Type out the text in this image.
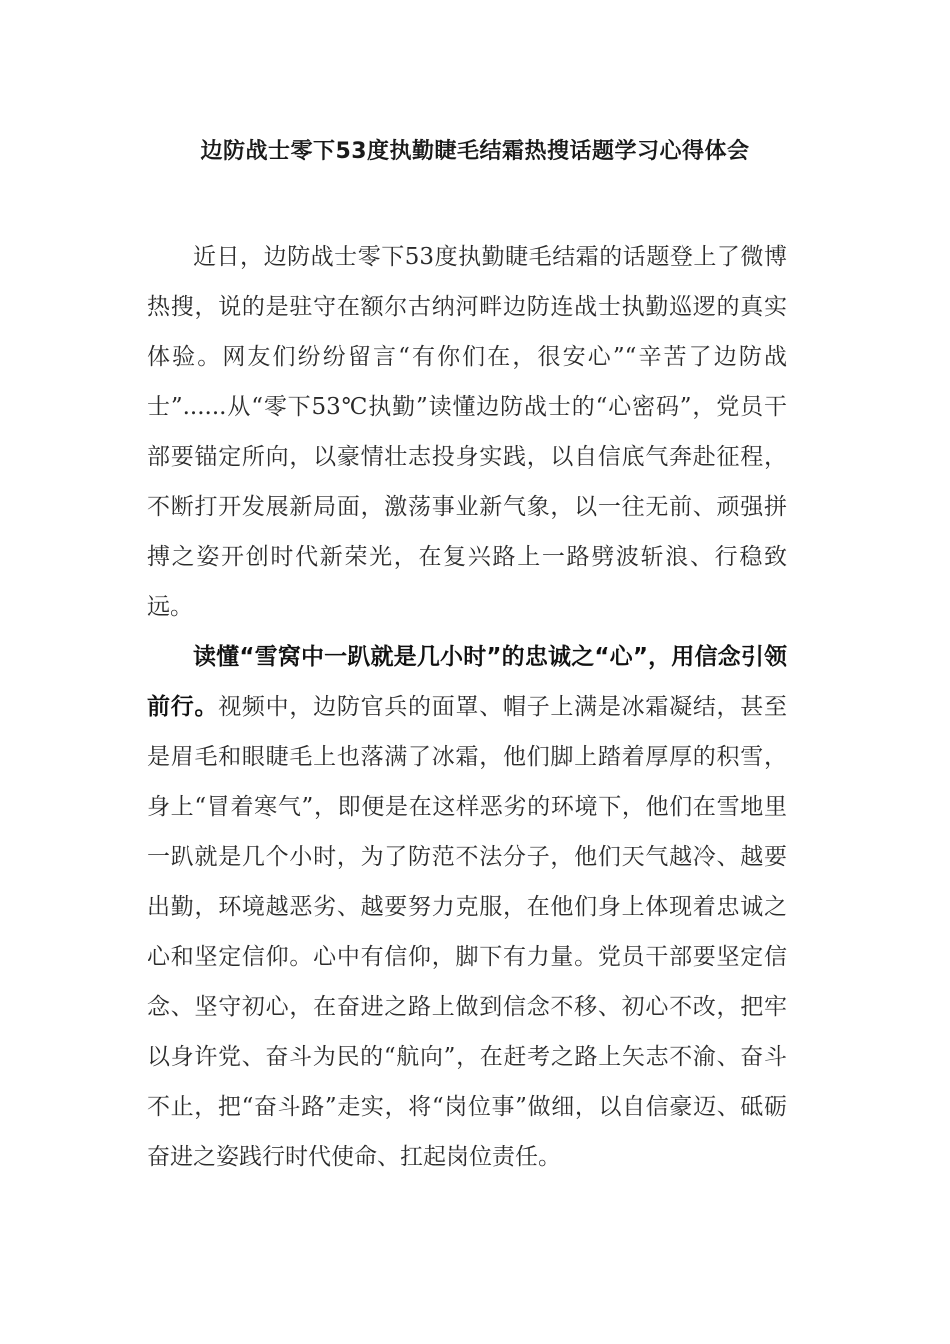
边防战士零下53度执勤睫毛结霜热搜话题学习心得体会

近日，边防战士零下53度执勤睫毛结霜的话题登上了微博热搜，说的是驻守在额尔古纳河畔边防连战士执勤巡逻的真实体验。网友们纷纷留言“有你们在，很安心”“辛苦了边防战士”......从“零下53℃执勤”读懂边防战士的“心密码”，党员干部要锚定所向，以豪情壮志投身实践，以自信底气奔赴征程，不断打开发展新局面，激荡事业新气象，以一往无前、顽强拼搏之姿开创时代新荣光，在复兴路上一路劈波斩浪、行稳致远。

读懂“雪窝中一趴就是几小时”的忠诚之“心”，用信念引领前行。视频中，边防官兵的面罩、帽子上满是冰霜凝结，甚至是眉毛和眼睫毛上也落满了冰霜，他们脚上踏着厚厚的积雪，身上“冒着寒气”，即便是在这样恶劣的环境下，他们在雪地里一趴就是几个小时，为了防范不法分子，他们天气越冷、越要出勤，环境越恶劣、越要努力克服，在他们身上体现着忠诚之心和坚定信仰。心中有信仰，脚下有力量。党员干部要坚定信念、坚守初心，在奋进之路上做到信念不移、初心不改，把牢以身许党、奋斗为民的“航向”，在赶考之路上矢志不渝、奋斗不止，把“奋斗路”走实，将“岗位事”做细，以自信豪迈、砥砺奋进之姿践行时代使命、扛起岗位责任。
